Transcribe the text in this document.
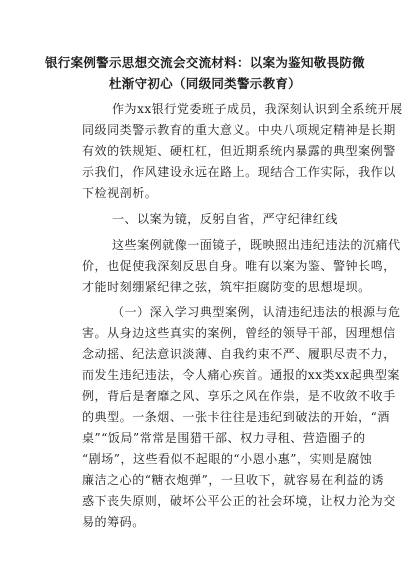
银行案例警示思想交流会交流材料：以案为鉴知敬畏防微
杜渐守初心（同级同类警示教育）
作为xx银行党委班子成员，我深刻认识到全系统开展
同级同类警示教育的重大意义。中央八项规定精神是长期
有效的铁规矩、硬杠杠，但近期系统内暴露的典型案例警
示我们，作风建设永远在路上。现结合工作实际，我作以
下检视剖析。
一、以案为镜，反躬自省，严守纪律红线
这些案例就像一面镜子，既映照出违纪违法的沉痛代
价，也促使我深刻反思自身。唯有以案为鉴、警钟长鸣，
才能时刻绷紧纪律之弦，筑牢拒腐防变的思想堤坝。
（一）深入学习典型案例，认清违纪违法的根源与危
害。从身边这些真实的案例，曾经的领导干部，因理想信
念动摇、纪法意识淡薄、自我约束不严、履职尽责不力，
而发生违纪违法，令人痛心疾首。通报的xx类xx起典型案
例，背后是奢靡之风、享乐之风在作祟，是不收敛不收手
的典型。一条烟、一张卡往往是违纪到破法的开始，“酒
桌”“饭局”常常是围猎干部、权力寻租、营造圈子的
“剧场”，这些看似不起眼的“小恩小惠”，实则是腐蚀
廉洁之心的“糖衣炮弹”，一旦收下，就容易在利益的诱
惑下丧失原则，破坏公平公正的社会环境，让权力沦为交
易的筹码。
